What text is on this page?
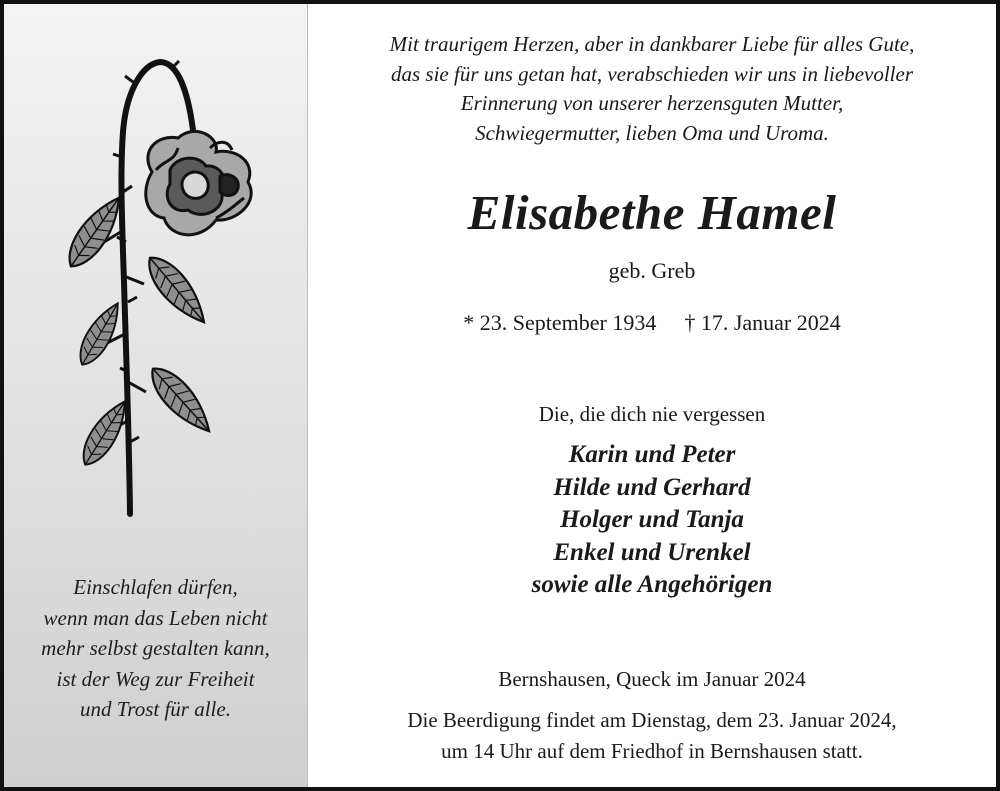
Einschlafen dürfen,
wenn man das Leben nicht
mehr selbst gestalten kann,
ist der Weg zur Freiheit
und Trost für alle.
Mit traurigem Herzen, aber in dankbarer Liebe für alles Gute,
das sie für uns getan hat, verabschieden wir uns in liebevoller
Erinnerung von unserer herzensguten Mutter,
Schwiegermutter, lieben Oma und Uroma.
Elisabethe Hamel
geb. Greb
* 23. September 1934 † 17. Januar 2024
Die, die dich nie vergessen
Karin und Peter
Hilde und Gerhard
Holger und Tanja
Enkel und Urenkel
sowie alle Angehörigen
Bernshausen, Queck im Januar 2024
Die Beerdigung findet am Dienstag, dem 23. Januar 2024,
um 14 Uhr auf dem Friedhof in Bernshausen statt.
